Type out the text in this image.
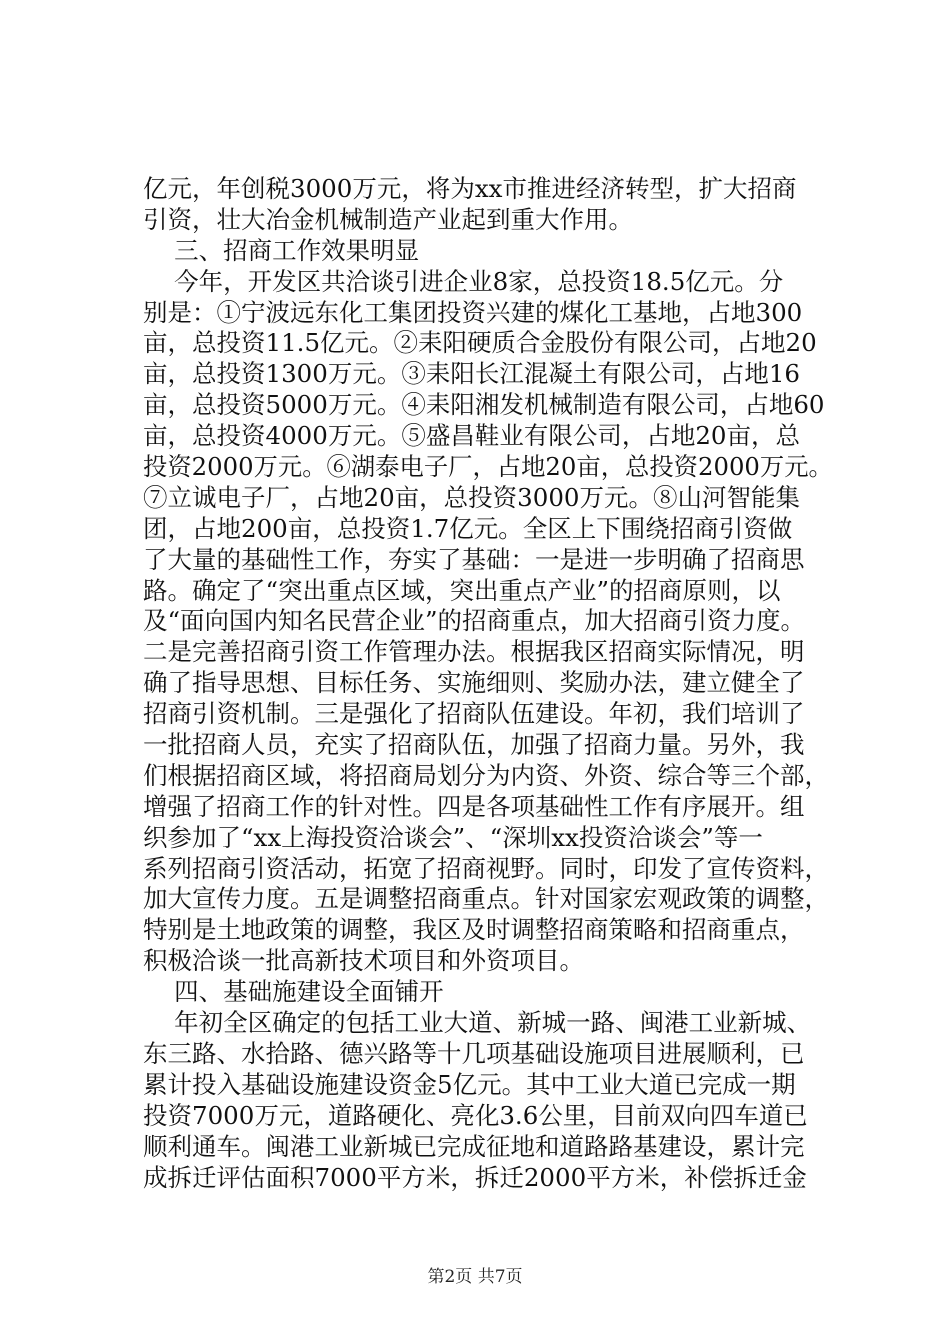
亿元，年创税3000万元，将为xx市推进经济转型，扩大招商
引资，壮大冶金机械制造产业起到重大作用。
三、招商工作效果明显
今年，开发区共洽谈引进企业8家，总投资18.5亿元。分
别是：①宁波远东化工集团投资兴建的煤化工基地，占地300
亩，总投资11.5亿元。②耒阳硬质合金股份有限公司，占地20
亩，总投资1300万元。③耒阳长江混凝土有限公司，占地16
亩，总投资5000万元。④耒阳湘发机械制造有限公司，占地60
亩，总投资4000万元。⑤盛昌鞋业有限公司，占地20亩，总
投资2000万元。⑥湖泰电子厂，占地20亩，总投资2000万元。
⑦立诚电子厂，占地20亩，总投资3000万元。⑧山河智能集
团，占地200亩，总投资1.7亿元。全区上下围绕招商引资做
了大量的基础性工作，夯实了基础：一是进一步明确了招商思
路。确定了“突出重点区域，突出重点产业”的招商原则，以
及“面向国内知名民营企业”的招商重点，加大招商引资力度。
二是完善招商引资工作管理办法。根据我区招商实际情况，明
确了指导思想、目标任务、实施细则、奖励办法，建立健全了
招商引资机制。三是强化了招商队伍建设。年初，我们培训了
一批招商人员，充实了招商队伍，加强了招商力量。另外，我
们根据招商区域，将招商局划分为内资、外资、综合等三个部，
增强了招商工作的针对性。四是各项基础性工作有序展开。组
织参加了“xx上海投资洽谈会”、“深圳xx投资洽谈会”等一
系列招商引资活动，拓宽了招商视野。同时，印发了宣传资料，
加大宣传力度。五是调整招商重点。针对国家宏观政策的调整，
特别是土地政策的调整，我区及时调整招商策略和招商重点，
积极洽谈一批高新技术项目和外资项目。
四、基础施建设全面铺开
年初全区确定的包括工业大道、新城一路、闽港工业新城、
东三路、水拾路、德兴路等十几项基础设施项目进展顺利，已
累计投入基础设施建设资金5亿元。其中工业大道已完成一期
投资7000万元，道路硬化、亮化3.6公里，目前双向四车道已
顺利通车。闽港工业新城已完成征地和道路路基建设，累计完
成拆迁评估面积7000平方米，拆迁2000平方米，补偿拆迁金
第2页 共7页
